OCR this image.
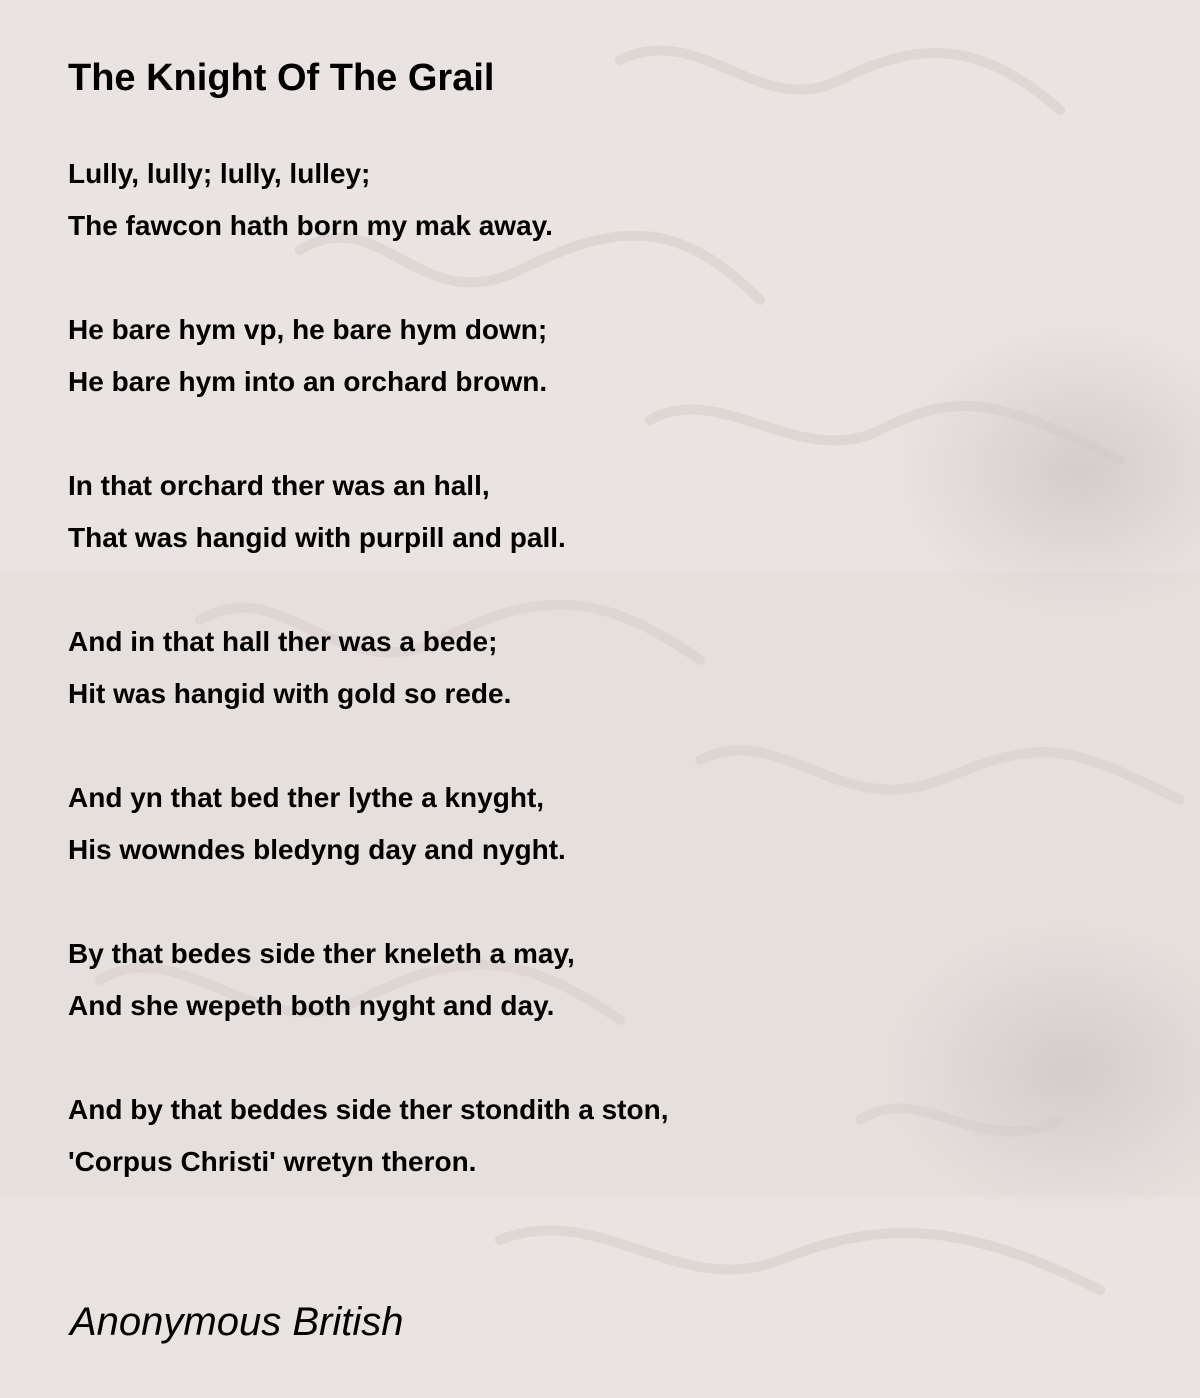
The Knight Of The Grail
Lully, lully; lully, lulley;
The fawcon hath born my mak away.
He bare hym vp, he bare hym down;
He bare hym into an orchard brown.
In that orchard ther was an hall,
That was hangid with purpill and pall.
And in that hall ther was a bede;
Hit was hangid with gold so rede.
And yn that bed ther lythe a knyght,
His wowndes bledyng day and nyght.
By that bedes side ther kneleth a may,
And she wepeth both nyght and day.
And by that beddes side ther stondith a ston,
'Corpus Christi' wretyn theron.

Anonymous British
